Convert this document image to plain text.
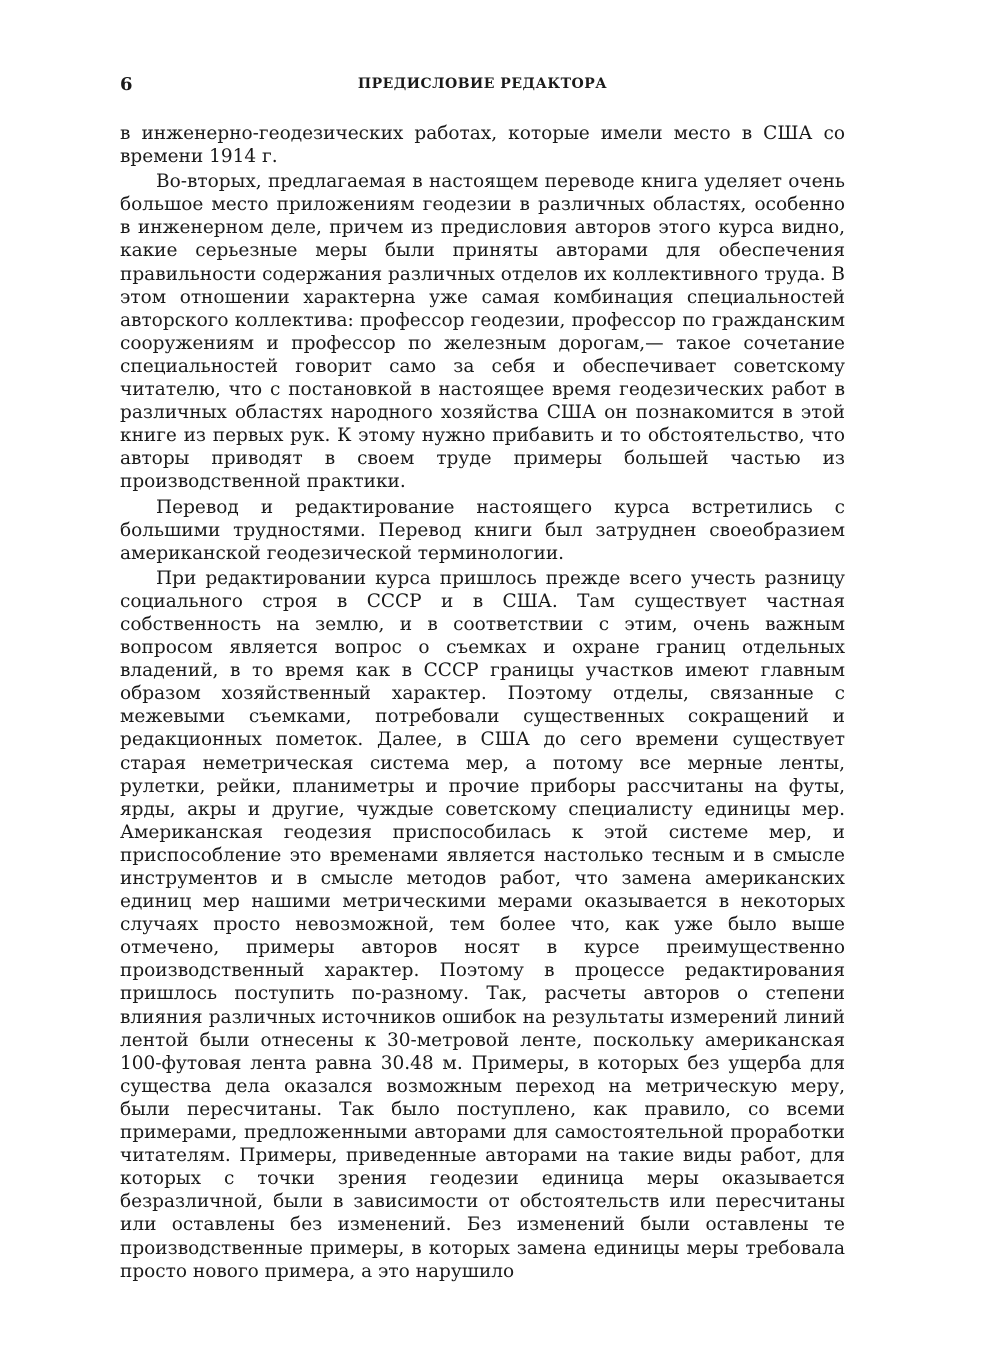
6	ПРЕДИСЛОВИЕ РЕДАКТОРА

в инженерно-геодезических работах, которые имели место в США со времени 1914 г.

Во-вторых, предлагаемая в настоящем переводе книга уделяет очень большое место приложениям геодезии в различных областях, особенно в инженерном деле, причем из предисловия авторов этого курса видно, какие серьезные меры были приняты авторами для обеспечения правильности содержания различных отделов их коллективного труда. В этом отношении характерна уже самая комбинация специальностей авторского коллектива: профессор геодезии, профессор по гражданским сооружениям и профессор по железным дорогам,— такое сочетание специальностей говорит само за себя и обеспечивает советскому читателю, что с постановкой в настоящее время геодезических работ в различных областях народного хозяйства США он познакомится в этой книге из первых рук. К этому нужно прибавить и то обстоятельство, что авторы приводят в своем труде примеры большей частью из производственной практики.

Перевод и редактирование настоящего курса встретились с большими трудностями. Перевод книги был затруднен своеобразием американской геодезической терминологии.

При редактировании курса пришлось прежде всего учесть разницу социального строя в СССР и в США. Там существует частная собственность на землю, и в соответствии с этим, очень важным вопросом является вопрос о съемках и охране границ отдельных владений, в то время как в СССР границы участков имеют главным образом хозяйственный характер. Поэтому отделы, связанные с межевыми съемками, потребовали существенных сокращений и редакционных пометок. Далее, в США до сего времени существует старая неметрическая система мер, а потому все мерные ленты, рулетки, рейки, планиметры и прочие приборы рассчитаны на футы, ярды, акры и другие, чуждые советскому специалисту единицы мер. Американская геодезия приспособилась к этой системе мер, и приспособление это временами является настолько тесным и в смысле инструментов и в смысле методов работ, что замена американских единиц мер нашими метрическими мерами оказывается в некоторых случаях просто невозможной, тем более что, как уже было выше отмечено, примеры авторов носят в курсе преимущественно производственный характер. Поэтому в процессе редактирования пришлось поступить по-разному. Так, расчеты авторов о степени влияния различных источников ошибок на результаты измерений линий лентой были отнесены к 30-метровой ленте, поскольку американская 100-футовая лента равна 30.48 м. Примеры, в которых без ущерба для существа дела оказался возможным переход на метрическую меру, были пересчитаны. Так было поступлено, как правило, со всеми примерами, предложенными авторами для самостоятельной проработки читателям. Примеры, приведенные авторами на такие виды работ, для которых с точки зрения геодезии единица меры оказывается безразличной, были в зависимости от обстоятельств или пересчитаны или оставлены без изменений. Без изменений были оставлены те производственные примеры, в которых замена единицы меры требовала просто нового примера, а это нарушило
